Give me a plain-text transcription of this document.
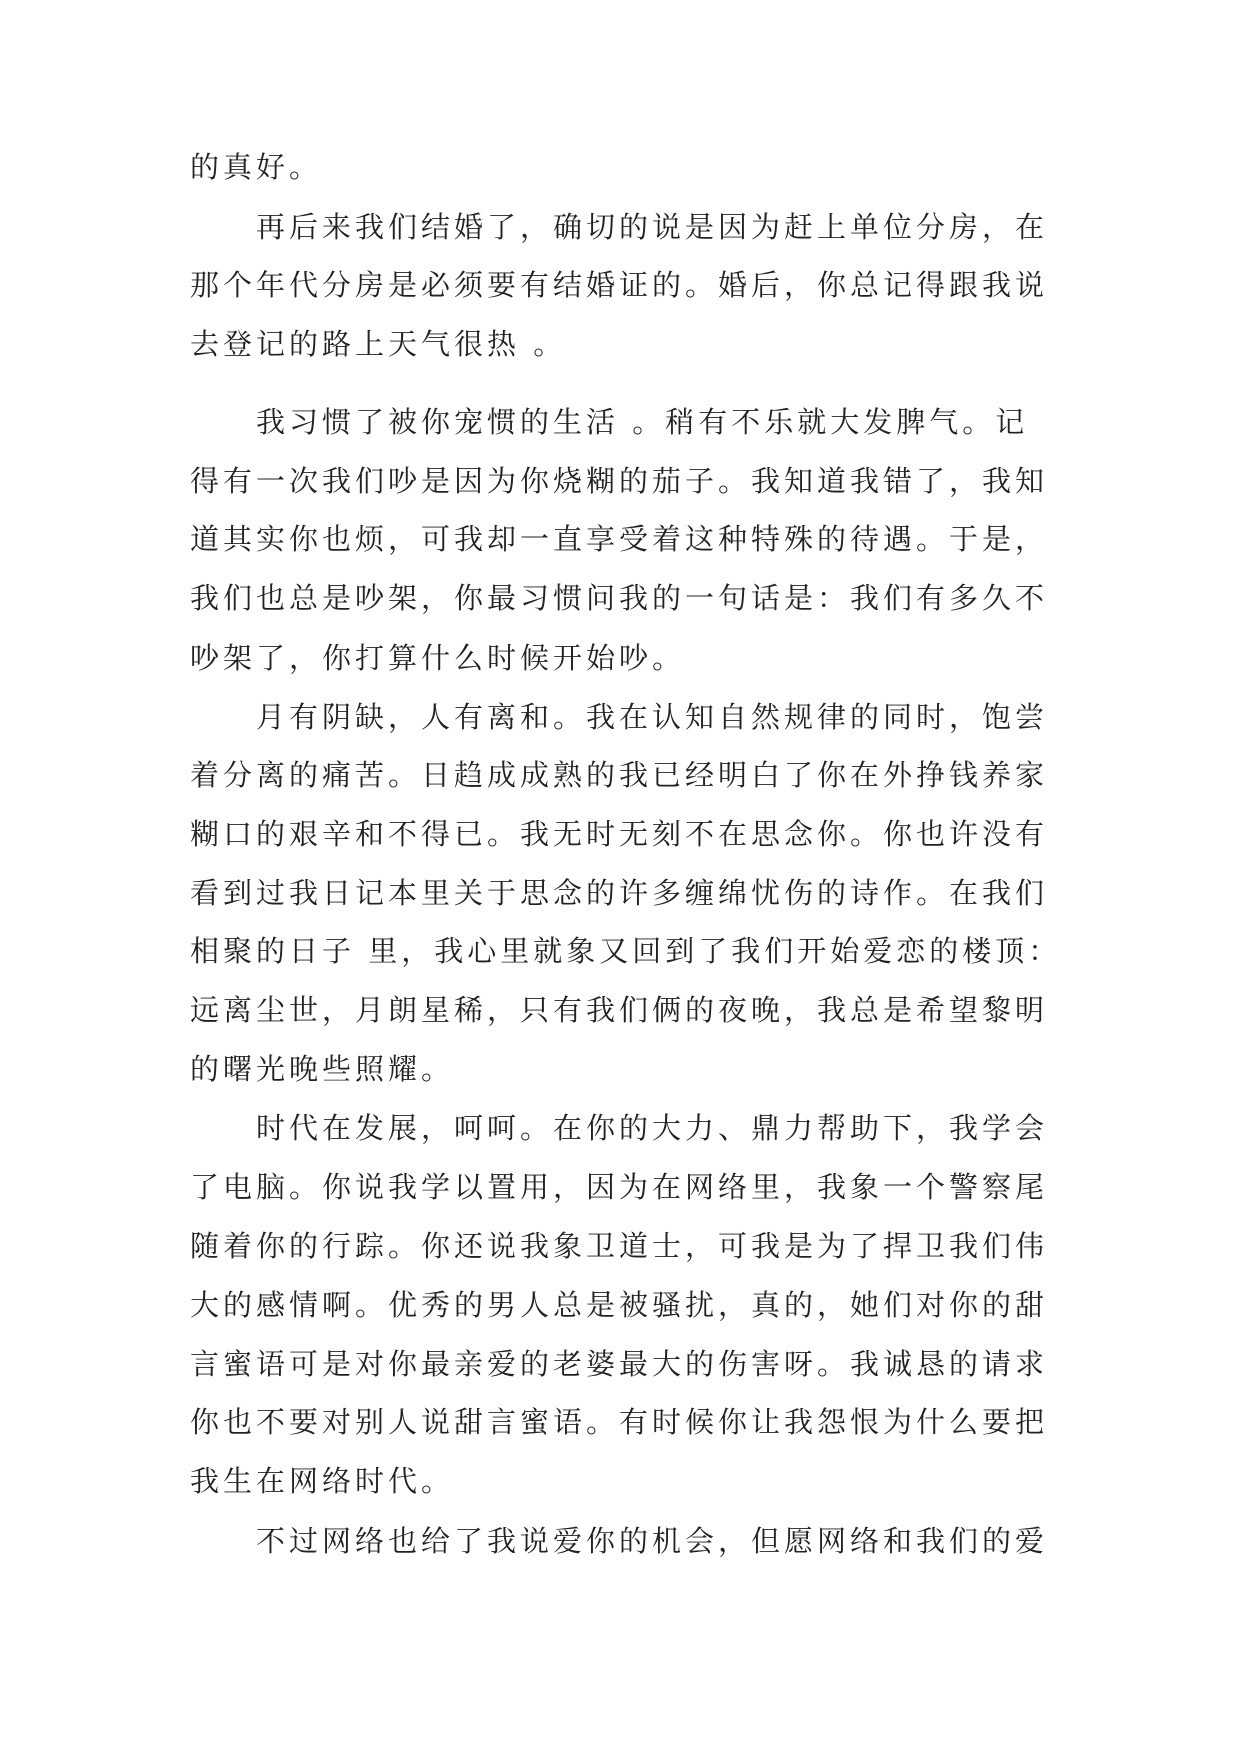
的真好。
　　再后来我们结婚了，确切的说是因为赶上单位分房，在
那个年代分房是必须要有结婚证的。婚后，你总记得跟我说
去登记的路上天气很热 。
　　我习惯了被你宠惯的生活 。稍有不乐就大发脾气。记
得有一次我们吵是因为你烧糊的茄子。我知道我错了，我知
道其实你也烦，可我却一直享受着这种特殊的待遇。于是，
我们也总是吵架，你最习惯问我的一句话是：我们有多久不
吵架了，你打算什么时候开始吵。
　　月有阴缺，人有离和。我在认知自然规律的同时，饱尝
着分离的痛苦。日趋成成熟的我已经明白了你在外挣钱养家
糊口的艰辛和不得已。我无时无刻不在思念你。你也许没有
看到过我日记本里关于思念的许多缠绵忧伤的诗作。在我们
相聚的日子 里，我心里就象又回到了我们开始爱恋的楼顶：
远离尘世，月朗星稀，只有我们俩的夜晚，我总是希望黎明
的曙光晚些照耀。
　　时代在发展，呵呵。在你的大力、鼎力帮助下，我学会
了电脑。你说我学以置用，因为在网络里，我象一个警察尾
随着你的行踪。你还说我象卫道士，可我是为了捍卫我们伟
大的感情啊。优秀的男人总是被骚扰，真的，她们对你的甜
言蜜语可是对你最亲爱的老婆最大的伤害呀。我诚恳的请求
你也不要对别人说甜言蜜语。有时候你让我怨恨为什么要把
我生在网络时代。
　　不过网络也给了我说爱你的机会，但愿网络和我们的爱
